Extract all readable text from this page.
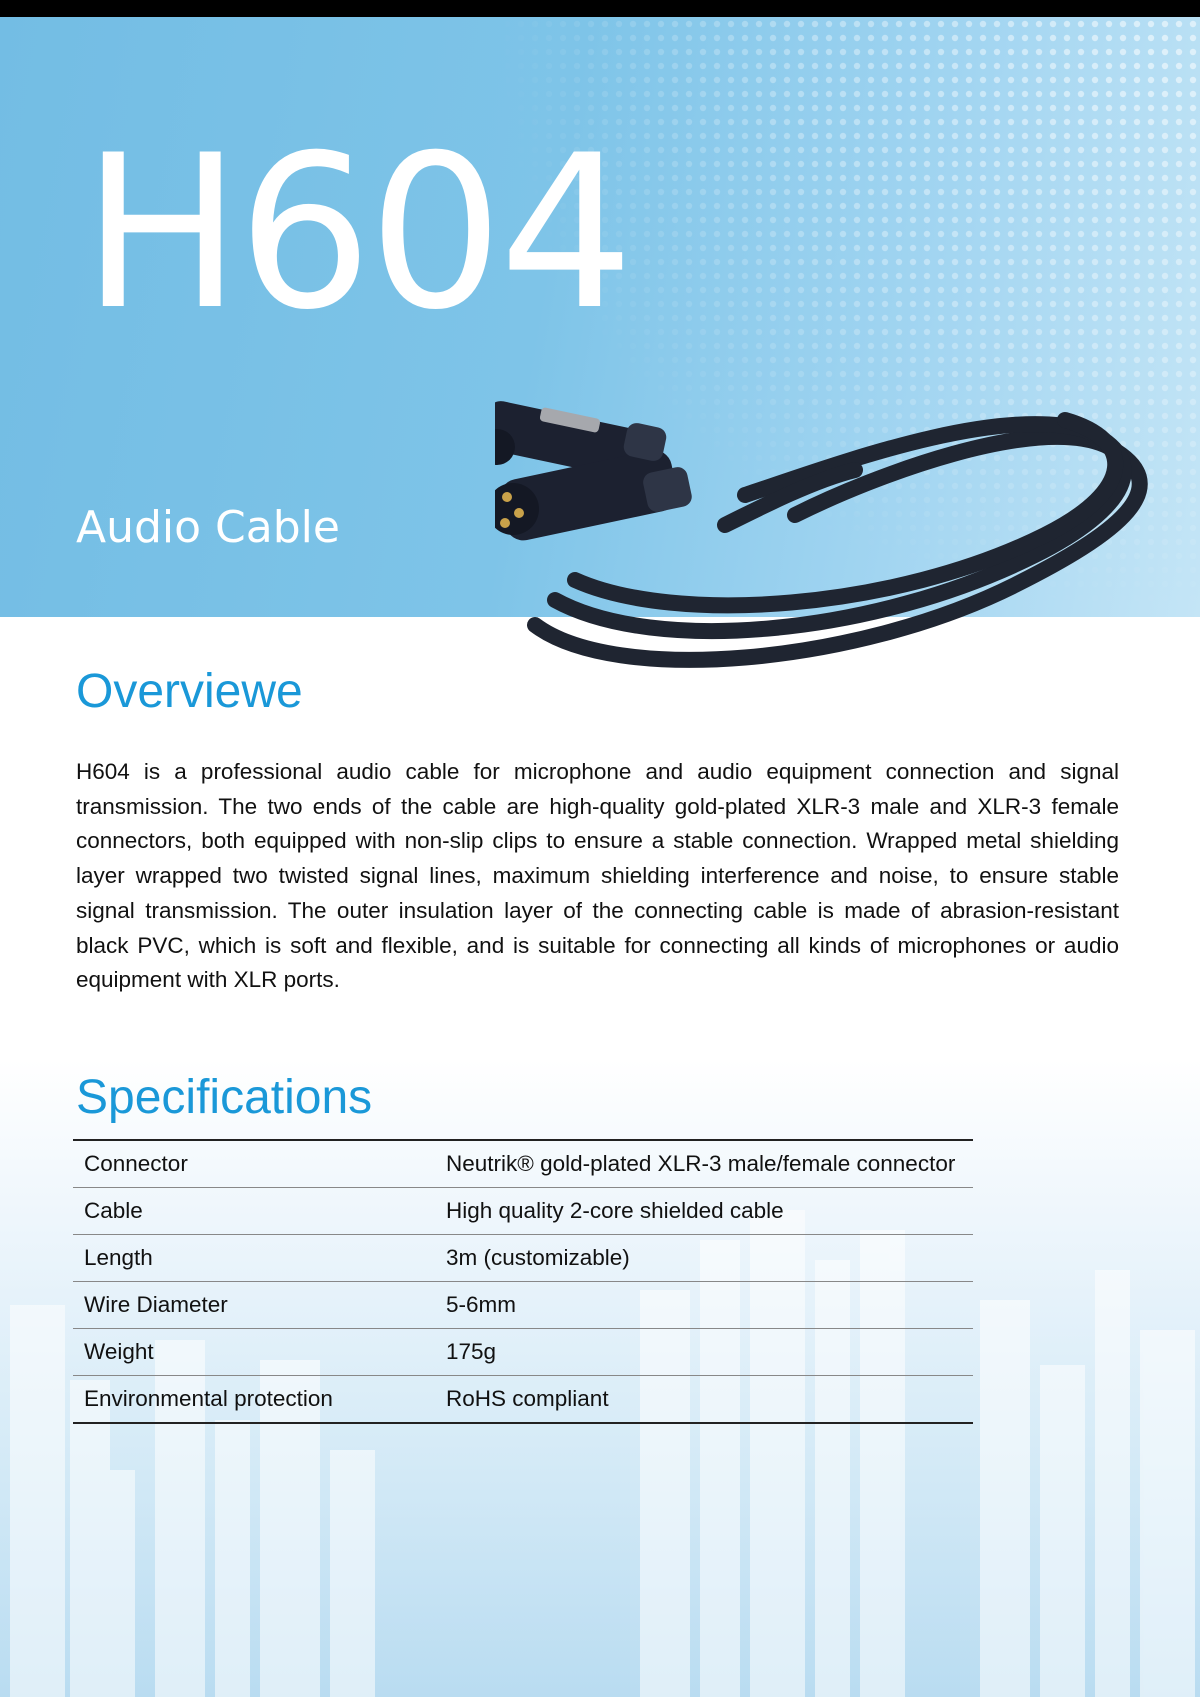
H604
Audio Cable
Overviewe
H604 is a professional audio cable for microphone and audio equipment connection and signal transmission. The two ends of the cable are high-quality gold-plated XLR-3 male and XLR-3 female connectors, both equipped with non-slip clips to ensure a stable connection. Wrapped metal shielding layer wrapped two twisted signal lines, maximum shielding interference and noise, to ensure stable signal transmission. The outer insulation layer of the connecting cable is made of abrasion-resistant black PVC, which is soft and flexible, and is suitable for connecting all kinds of microphones or audio equipment with XLR ports.
Specifications
Connector	Neutrik® gold-plated XLR-3 male/female connector
Cable	High quality 2-core shielded cable
Length	3m (customizable)
Wire Diameter	5-6mm
Weight	175g
Environmental protection	RoHS compliant
